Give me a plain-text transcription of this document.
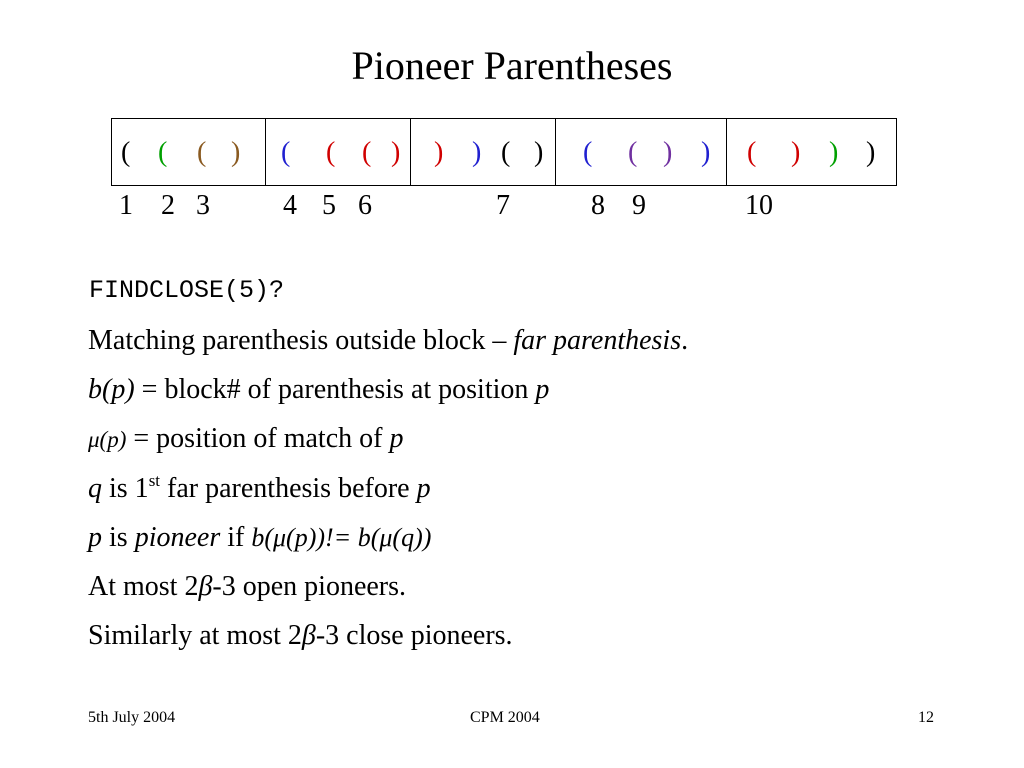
Pioneer Parentheses
( ( ( ) ( ( ( ) ) ) ( ) ( ( ) ) ( ) ) )
1 2 3	4 5 6	7	8 9	10
FINDCLOSE(5)?
Matching parenthesis outside block – far parenthesis.
b(p) = block# of parenthesis at position p
μ(p) = position of match of p
q is 1st far parenthesis before p
p is pioneer if b(μ(p))!= b(μ(q))
At most 2β-3 open pioneers.
Similarly at most 2β-3 close pioneers.
5th July 2004	CPM 2004	12
